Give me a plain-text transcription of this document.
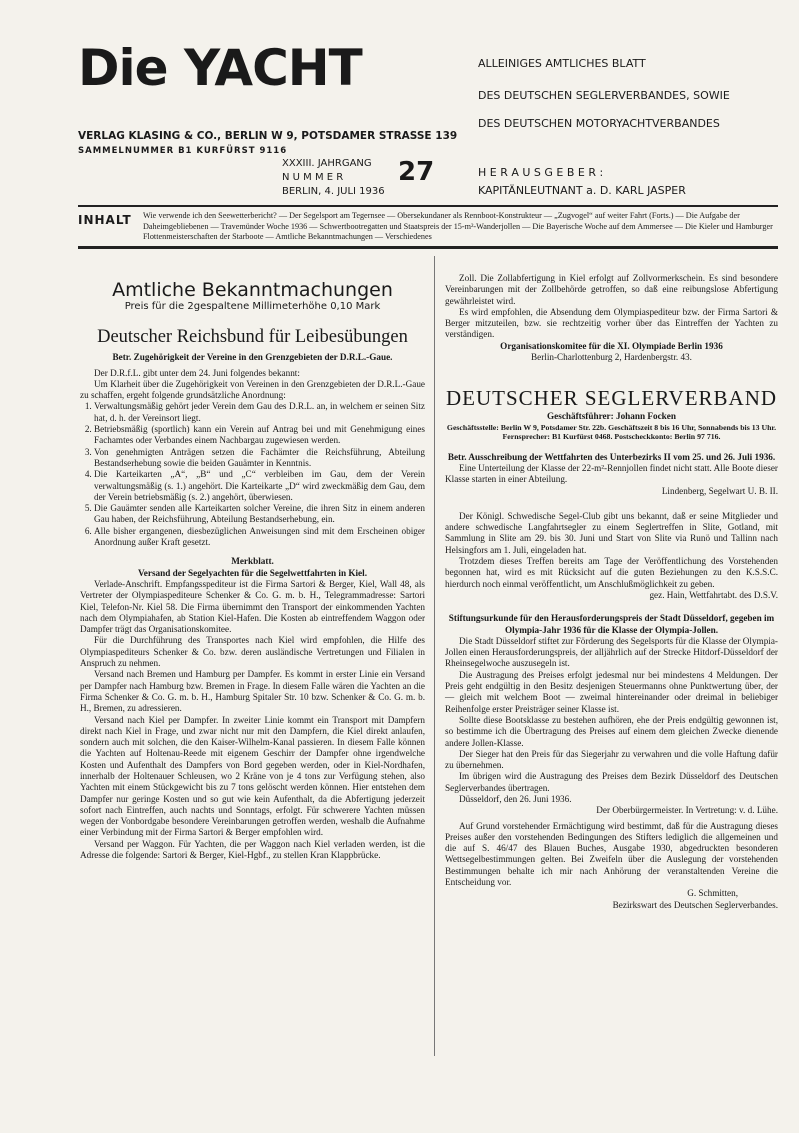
Die YACHT
VERLAG KLASING & CO., BERLIN W 9, POTSDAMER STRASSE 139
SAMMELNUMMER B1 KURFÜRST 9116
ALLEINIGES AMTLICHES BLATT
DES DEUTSCHEN SEGLERVERBANDES, SOWIE
DES DEUTSCHEN MOTORYACHTVERBANDES
XXXIII. JAHRGANG
N U M M E R
BERLIN, 4. JULI 1936
27	H E R A U S G E B E R :
KAPITÄNLEUTNANT a. D. KARL JASPER
INHALT Wie verwende ich den Seewetterbericht? — Der Segelsport am Tegernsee — Obersekundaner als Rennboot-Konstrukteur — „Zugvogel“ auf weiter Fahrt (Forts.) — Die Aufgabe der Daheimgebliebenen — Travemünder Woche 1936 — Schwertbootregatten und Staatspreis der 15-m²-Wanderjollen — Die Bayerische Woche auf dem Ammersee — Die Kieler und Hamburger Flottenmeisterschaften der Starboote — Amtliche Bekanntmachungen — Verschiedenes
Amtliche Bekanntmachungen
Preis für die 2gespaltene Millimeterhöhe 0,10 Mark
Deutscher Reichsbund für Leibesübungen

Betr. Zugehörigkeit der Vereine in den Grenzgebieten der D.R.L.-Gaue.

Der D.R.f.L. gibt unter dem 24. Juni folgendes bekannt:

Um Klarheit über die Zugehörigkeit von Vereinen in den Grenzgebieten der D.R.L.-Gaue zu schaffen, ergeht folgende grundsätzliche Anordnung:

1. Verwaltungsmäßig gehört jeder Verein dem Gau des D.R.L. an, in welchem er seinen Sitz hat, d. h. der Vereinsort liegt.
2. Betriebsmäßig (sportlich) kann ein Verein auf Antrag bei und mit Genehmigung eines Fachamtes oder Verbandes einem Nachbargau zugewiesen werden.
3. Von genehmigten Anträgen setzen die Fachämter die Reichsführung, Abteilung Bestandserhebung sowie die beiden Gauämter in Kenntnis.
4. Die Karteikarten „A“, „B“ und „C“ verbleiben im Gau, dem der Verein verwaltungsmäßig (s. 1.) angehört. Die Karteikarte „D“ wird zweckmäßig dem Gau, dem der Verein betriebsmäßig (s. 2.) angehört, überwiesen.
5. Die Gauämter senden alle Karteikarten solcher Vereine, die ihren Sitz in einem anderen Gau haben, der Reichsführung, Abteilung Bestandserhebung, ein.
6. Alle bisher ergangenen, diesbezüglichen Anweisungen sind mit dem Erscheinen obiger Anordnung außer Kraft gesetzt.

Merkblatt.

Versand der Segelyachten für die Segelwettfahrten in Kiel.

Verlade-Anschrift. Empfangsspediteur ist die Firma Sartori & Berger, Kiel, Wall 48, als Vertreter der Olympiaspediteure Schenker & Co. G. m. b. H., Telegrammadresse: Sartori Kiel, Telefon-Nr. Kiel 58. Die Firma übernimmt den Transport der einkommenden Yachten nach dem Olympiahafen, ab Station Kiel-Hafen. Die Kosten ab eintreffendem Waggon oder Dampfer trägt das Organisationskomitee.

Für die Durchführung des Transportes nach Kiel wird empfohlen, die Hilfe des Olympiaspediteurs Schenker & Co. bzw. deren ausländische Vertretungen und Filialen in Anspruch zu nehmen.

Versand nach Bremen und Hamburg per Dampfer. Es kommt in erster Linie ein Versand per Dampfer nach Hamburg bzw. Bremen in Frage. In diesem Falle wären die Yachten an die Firma Schenker & Co. G. m. b. H., Hamburg Spitaler Str. 10 bzw. Schenker & Co. G. m. b. H., Bremen, zu adressieren.

Versand nach Kiel per Dampfer. In zweiter Linie kommt ein Transport mit Dampfern direkt nach Kiel in Frage, und zwar nicht nur mit den Dampfern, die Kiel direkt anlaufen, sondern auch mit solchen, die den Kaiser-Wilhelm-Kanal passieren. In diesem Falle können die Yachten auf Holtenau-Reede mit eigenem Geschirr der Dampfer ohne irgendwelche Kosten und Aufenthalt des Dampfers von Bord gegeben werden, oder in Kiel-Nordhafen, innerhalb der Holtenauer Schleusen, wo 2 Kräne von je 4 tons zur Verfügung stehen, also Yachten mit einem Stückgewicht bis zu 7 tons gelöscht werden können. Hier entstehen dem Dampfer nur geringe Kosten und so gut wie kein Aufenthalt, da die Abfertigung jederzeit sofort nach Eintreffen, auch nachts und Sonntags, erfolgt. Für schwerere Yachten müssen wegen der Vonbordgabe besondere Vereinbarungen getroffen werden, weshalb die Aufnahme einer Verbindung mit der Firma Sartori & Berger empfohlen wird.

Versand per Waggon. Für Yachten, die per Waggon nach Kiel verladen werden, ist die Adresse die folgende: Sartori & Berger, Kiel-Hgbf., zu stellen Kran Klappbrücke.

Zoll. Die Zollabfertigung in Kiel erfolgt auf Zollvormerkschein. Es sind besondere Vereinbarungen mit der Zollbehörde getroffen, so daß eine reibungslose Abfertigung gewährleistet wird.

Es wird empfohlen, die Absendung dem Olympiaspediteur bzw. der Firma Sartori & Berger mitzuteilen, bzw. sie rechtzeitig vorher über das Eintreffen der Yachten zu verständigen.

Organisationskomitee für die XI. Olympiade Berlin 1936

Berlin-Charlottenburg 2, Hardenbergstr. 43.

DEUTSCHER SEGLERVERBAND

Geschäftsführer: Johann Focken

Geschäftsstelle: Berlin W 9, Potsdamer Str. 22b. Geschäftszeit 8 bis 16 Uhr, Sonnabends bis 13 Uhr. Fernsprecher: B1 Kurfürst 0468. Postscheckkonto: Berlin 97 716.

Betr. Ausschreibung der Wettfahrten des Unterbezirks II vom 25. und 26. Juli 1936.

Eine Unterteilung der Klasse der 22-m²-Rennjollen findet nicht statt. Alle Boote dieser Klasse starten in einer Abteilung.

Lindenberg, Segelwart U. B. II.

Der Königl. Schwedische Segel-Club gibt uns bekannt, daß er seine Mitglieder und andere schwedische Langfahrtsegler zu einem Seglertreffen in Slite, Gotland, mit Sammlung in Slite am 29. bis 30. Juni und Start von Slite via Runö und Tallinn nach Helsingfors am 1. Juli, eingeladen hat.

Trotzdem dieses Treffen bereits am Tage der Veröffentlichung des Vorstehenden begonnen hat, wird es mit Rücksicht auf die guten Beziehungen zu den K.S.S.C. hierdurch noch einmal veröffentlicht, um Anschlußmöglichkeit zu geben.

gez. Hain, Wettfahrtabt. des D.S.V.

Stiftungsurkunde für den Herausforderungspreis der Stadt Düsseldorf, gegeben im Olympia-Jahr 1936 für die Klasse der Olympia-Jollen.

Die Stadt Düsseldorf stiftet zur Förderung des Segelsports für die Klasse der Olympia-Jollen einen Herausforderungspreis, der alljährlich auf der Strecke Hitdorf-Düsseldorf der Rheinsegelwoche auszusegeln ist.

Die Austragung des Preises erfolgt jedesmal nur bei mindestens 4 Meldungen. Der Preis geht endgültig in den Besitz desjenigen Steuermanns ohne Punktwertung über, der — gleich mit welchem Boot — zweimal hintereinander oder dreimal in beliebiger Reihenfolge erster Preisträger seiner Klasse ist.

Sollte diese Bootsklasse zu bestehen aufhören, ehe der Preis endgültig gewonnen ist, so bestimme ich die Übertragung des Preises auf einem dem gleichen Zwecke dienende andere Jollen-Klasse.

Der Sieger hat den Preis für das Siegerjahr zu verwahren und die volle Haftung dafür zu übernehmen.

Im übrigen wird die Austragung des Preises dem Bezirk Düsseldorf des Deutschen Seglerverbandes übertragen.

Düsseldorf, den 26. Juni 1936.

Der Oberbürgermeister. In Vertretung: v. d. Lühe.

Auf Grund vorstehender Ermächtigung wird bestimmt, daß für die Austragung dieses Preises außer den vorstehenden Bedingungen des Stifters lediglich die allgemeinen und die auf S. 46/47 des Blauen Buches, Ausgabe 1930, abgedruckten besonderen Wettsegelbestimmungen gelten. Bei Zweifeln über die Auslegung der vorstehenden Bestimmungen behalte ich mir nach Anhörung der veranstaltenden Vereine die Entscheidung vor.

G. Schmitten,

Bezirkswart des Deutschen Seglerverbandes.
